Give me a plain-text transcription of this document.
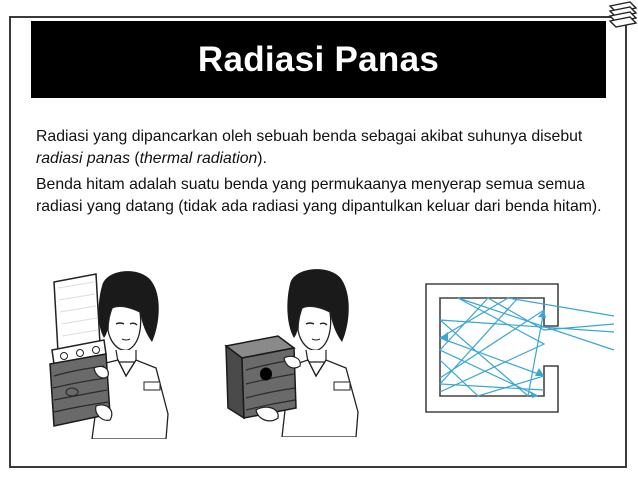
Radiasi Panas

Radiasi yang dipancarkan oleh sebuah benda sebagai akibat suhunya disebut radiasi panas (thermal radiation).

Benda hitam adalah suatu benda yang permukaanya menyerap semua semua radiasi yang datang (tidak ada radiasi yang dipantulkan keluar dari benda hitam).
